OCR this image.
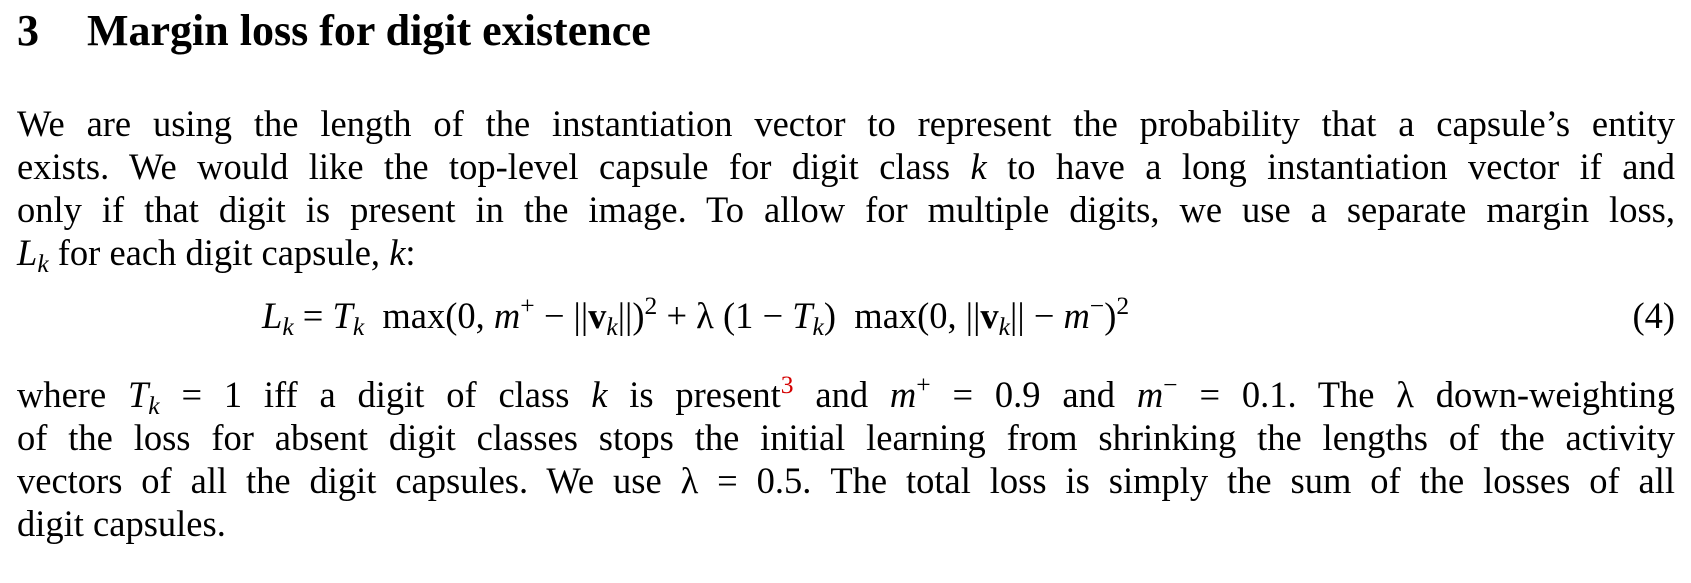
3 Margin loss for digit existence
We are using the length of the instantiation vector to represent the probability that a capsule’s entity
exists. We would like the top-level capsule for digit class k to have a long instantiation vector if and
only if that digit is present in the image. To allow for multiple digits, we use a separate margin loss,
$L_k$ for each digit capsule, k:
$L_k = T_k$ max(0, $m^+ - ||v_k||)^2 + \lambda$ $(1 - T_k)$ max(0, $||v_k|| - m^-)^2$	(4)
where $T_k = 1$ iff a digit of class k is present$^3$ and m+ = 0.9 and m− = 0.1. The λ down-weighting
of the loss for absent digit classes stops the initial learning from shrinking the lengths of the activity
vectors of all the digit capsules. We use λ = 0.5. The total loss is simply the sum of the losses of all
digit capsules.
